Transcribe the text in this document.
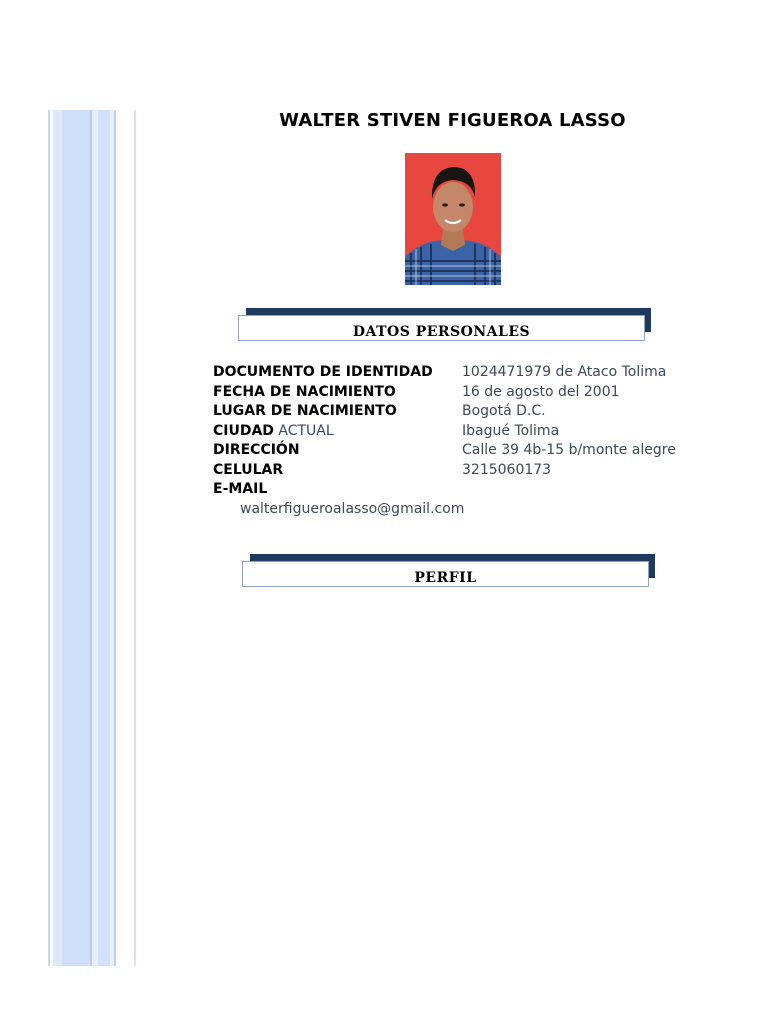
WALTER STIVEN FIGUEROA LASSO
DATOS PERSONALES
DOCUMENTO DE IDENTIDAD 1024471979 de Ataco Tolima
FECHA DE NACIMIENTO	16 de agosto del 2001
LUGAR DE NACIMIENTO	Bogotá D.C.
CIUDAD ACTUAL	Ibagué Tolima
DIRECCIÓN	Calle 39 4b-15 b/monte alegre
CELULAR	3215060173
E-MAIL
walterfigueroalasso@gmail.com
PERFIL
